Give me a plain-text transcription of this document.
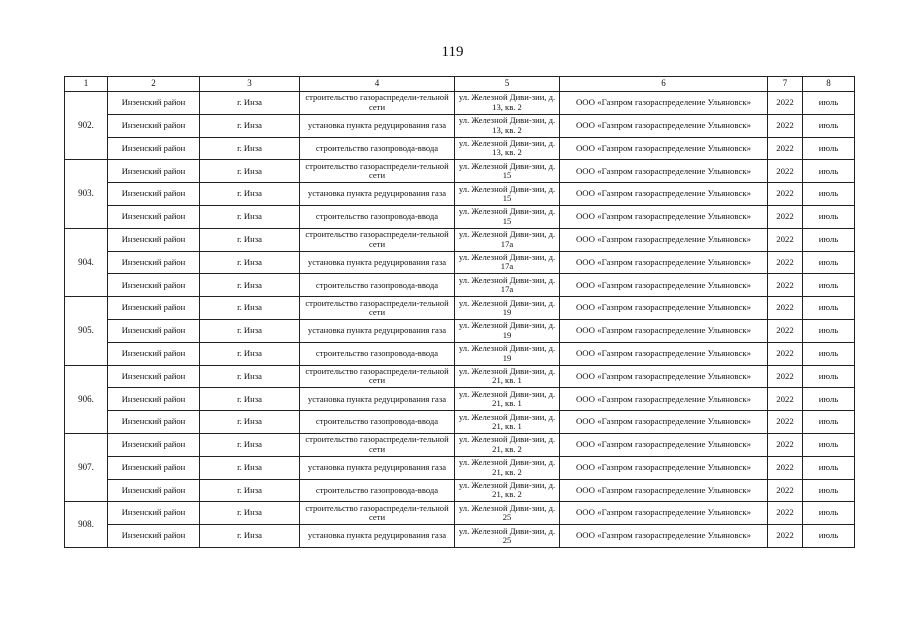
119
1	2	3	4	5	6	7	8
902.	Инзенский район	г. Инза	строительство газораспредели-тельной сети	ул. Железной Диви-зии, д. 13, кв. 2	ООО «Газпром газораспределение Ульяновск»	2022	июль
	Инзенский район	г. Инза	установка пункта редуцирования газа	ул. Железной Диви-зии, д. 13, кв. 2	ООО «Газпром газораспределение Ульяновск»	2022	июль
	Инзенский район	г. Инза	строительство газопровода-ввода	ул. Железной Диви-зии, д. 13, кв. 2	ООО «Газпром газораспределение Ульяновск»	2022	июль
903.	Инзенский район	г. Инза	строительство газораспредели-тельной сети	ул. Железной Диви-зии, д. 15	ООО «Газпром газораспределение Ульяновск»	2022	июль
	Инзенский район	г. Инза	установка пункта редуцирования газа	ул. Железной Диви-зии, д. 15	ООО «Газпром газораспределение Ульяновск»	2022	июль
	Инзенский район	г. Инза	строительство газопровода-ввода	ул. Железной Диви-зии, д. 15	ООО «Газпром газораспределение Ульяновск»	2022	июль
904.	Инзенский район	г. Инза	строительство газораспредели-тельной сети	ул. Железной Диви-зии, д. 17а	ООО «Газпром газораспределение Ульяновск»	2022	июль
	Инзенский район	г. Инза	установка пункта редуцирования газа	ул. Железной Диви-зии, д. 17а	ООО «Газпром газораспределение Ульяновск»	2022	июль
	Инзенский район	г. Инза	строительство газопровода-ввода	ул. Железной Диви-зии, д. 17а	ООО «Газпром газораспределение Ульяновск»	2022	июль
905.	Инзенский район	г. Инза	строительство газораспредели-тельной сети	ул. Железной Диви-зии, д. 19	ООО «Газпром газораспределение Ульяновск»	2022	июль
	Инзенский район	г. Инза	установка пункта редуцирования газа	ул. Железной Диви-зии, д. 19	ООО «Газпром газораспределение Ульяновск»	2022	июль
	Инзенский район	г. Инза	строительство газопровода-ввода	ул. Железной Диви-зии, д. 19	ООО «Газпром газораспределение Ульяновск»	2022	июль
906.	Инзенский район	г. Инза	строительство газораспредели-тельной сети	ул. Железной Диви-зии, д. 21, кв. 1	ООО «Газпром газораспределение Ульяновск»	2022	июль
	Инзенский район	г. Инза	установка пункта редуцирования газа	ул. Железной Диви-зии, д. 21, кв. 1	ООО «Газпром газораспределение Ульяновск»	2022	июль
	Инзенский район	г. Инза	строительство газопровода-ввода	ул. Железной Диви-зии, д. 21, кв. 1	ООО «Газпром газораспределение Ульяновск»	2022	июль
907.	Инзенский район	г. Инза	строительство газораспредели-тельной сети	ул. Железной Диви-зии, д. 21, кв. 2	ООО «Газпром газораспределение Ульяновск»	2022	июль
	Инзенский район	г. Инза	установка пункта редуцирования газа	ул. Железной Диви-зии, д. 21, кв. 2	ООО «Газпром газораспределение Ульяновск»	2022	июль
	Инзенский район	г. Инза	строительство газопровода-ввода	ул. Железной Диви-зии, д. 21, кв. 2	ООО «Газпром газораспределение Ульяновск»	2022	июль
908.	Инзенский район	г. Инза	строительство газораспредели-тельной сети	ул. Железной Диви-зии, д. 25	ООО «Газпром газораспределение Ульяновск»	2022	июль
	Инзенский район	г. Инза	установка пункта редуцирования газа	ул. Железной Диви-зии, д. 25	ООО «Газпром газораспределение Ульяновск»	2022	июль
